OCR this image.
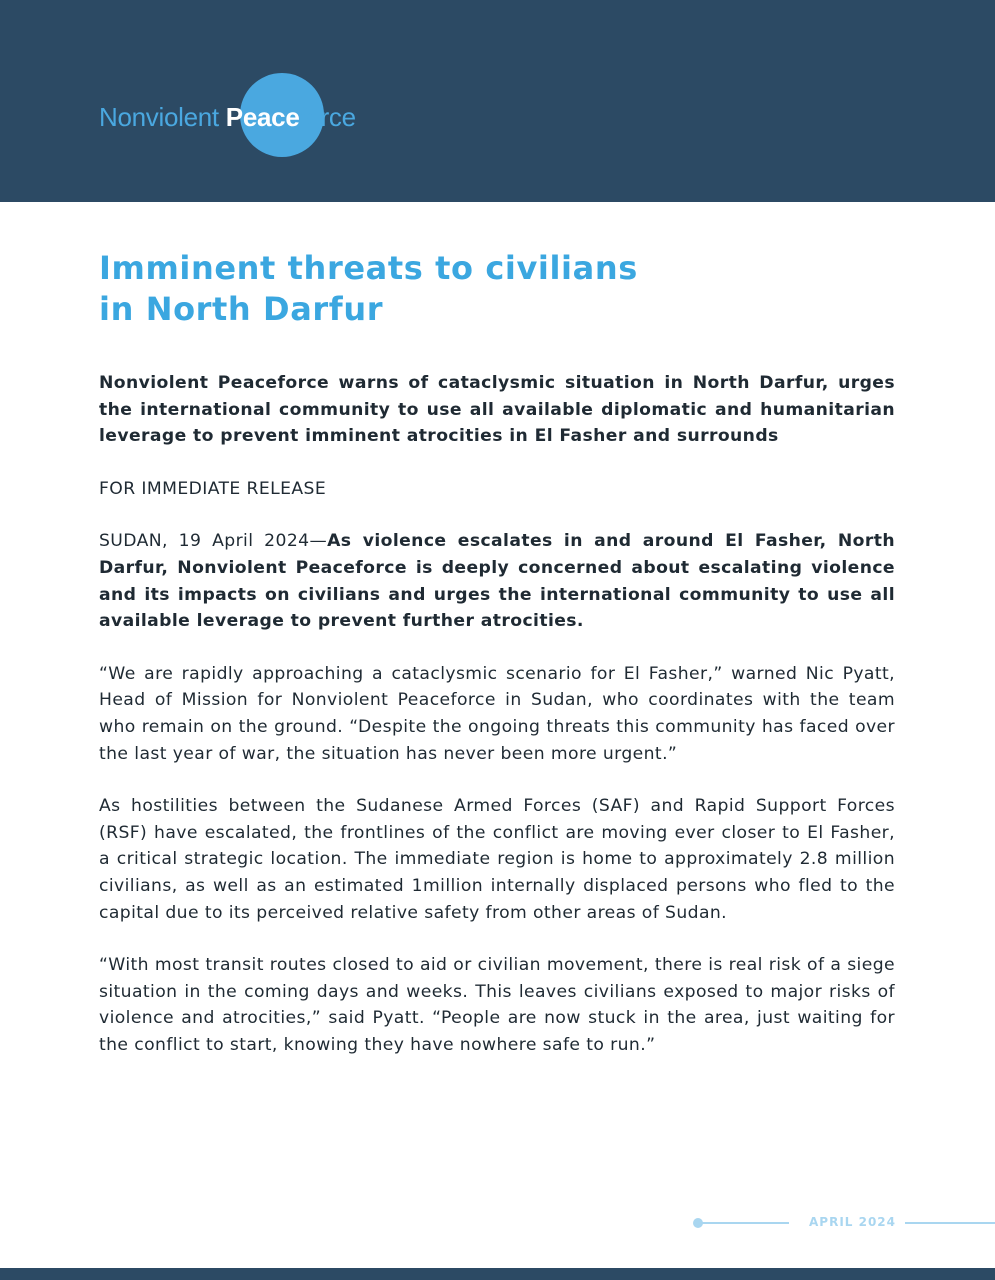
Nonviolent Peaceforce
Imminent threats to civilians
in North Darfur

Nonviolent Peaceforce warns of cataclysmic situation in North Darfur, urges the international community to use all available diplomatic and humanitarian leverage to prevent imminent atrocities in El Fasher and surrounds

FOR IMMEDIATE RELEASE

SUDAN, 19 April 2024—As violence escalates in and around El Fasher, North Darfur, Nonviolent Peaceforce is deeply concerned about escalating violence and its impacts on civilians and urges the international community to use all available leverage to prevent further atrocities.

“We are rapidly approaching a cataclysmic scenario for El Fasher,” warned Nic Pyatt, Head of Mission for Nonviolent Peaceforce in Sudan, who coordinates with the team who remain on the ground. “Despite the ongoing threats this community has faced over the last year of war, the situation has never been more urgent.”

As hostilities between the Sudanese Armed Forces (SAF) and Rapid Support Forces (RSF) have escalated, the frontlines of the conflict are moving ever closer to El Fasher, a critical strategic location. The immediate region is home to approximately 2.8 million civilians, as well as an estimated 1million internally displaced persons who fled to the capital due to its perceived relative safety from other areas of Sudan.

“With most transit routes closed to aid or civilian movement, there is real risk of a siege situation in the coming days and weeks. This leaves civilians exposed to major risks of violence and atrocities,” said Pyatt. “People are now stuck in the area, just waiting for the conflict to start, knowing they have nowhere safe to run.”

APRIL 2024
